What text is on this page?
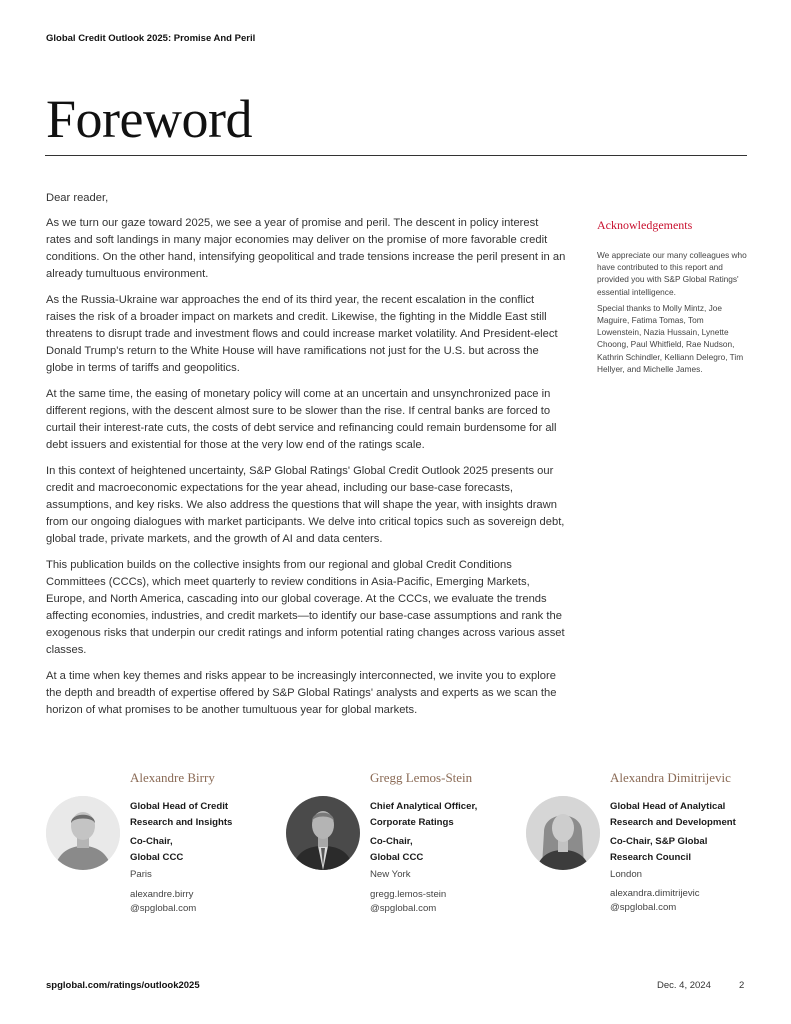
Global Credit Outlook 2025: Promise And Peril
Foreword

Dear reader,

As we turn our gaze toward 2025, we see a year of promise and peril. The descent in policy interest rates and soft landings in many major economies may deliver on the promise of more favorable credit conditions. On the other hand, intensifying geopolitical and trade tensions increase the peril present in an already tumultuous environment.

As the Russia-Ukraine war approaches the end of its third year, the recent escalation in the conflict raises the risk of a broader impact on markets and credit. Likewise, the fighting in the Middle East still threatens to disrupt trade and investment flows and could increase market volatility. And President-elect Donald Trump's return to the White House will have ramifications not just for the U.S. but across the globe in terms of tariffs and geopolitics.

At the same time, the easing of monetary policy will come at an uncertain and unsynchronized pace in different regions, with the descent almost sure to be slower than the rise. If central banks are forced to curtail their interest-rate cuts, the costs of debt service and refinancing could remain burdensome for all debt issuers and existential for those at the very low end of the ratings scale.

In this context of heightened uncertainty, S&P Global Ratings' Global Credit Outlook 2025 presents our credit and macroeconomic expectations for the year ahead, including our base-case forecasts, assumptions, and key risks. We also address the questions that will shape the year, with insights drawn from our ongoing dialogues with market participants. We delve into critical topics such as sovereign debt, global trade, private markets, and the growth of AI and data centers.

This publication builds on the collective insights from our regional and global Credit Conditions Committees (CCCs), which meet quarterly to review conditions in Asia-Pacific, Emerging Markets, Europe, and North America, cascading into our global coverage. At the CCCs, we evaluate the trends affecting economies, industries, and credit markets—to identify our base-case assumptions and rank the exogenous risks that underpin our credit ratings and inform potential rating changes across various asset classes.

At a time when key themes and risks appear to be increasingly interconnected, we invite you to explore the depth and breadth of expertise offered by S&P Global Ratings' analysts and experts as we scan the horizon of what promises to be another tumultuous year for global markets.

Acknowledgements

We appreciate our many colleagues who have contributed to this report and provided you with S&P Global Ratings' essential intelligence.

Special thanks to Molly Mintz, Joe Maguire, Fatima Tomas, Tom Lowenstein, Nazia Hussain, Lynette Choong, Paul Whitfield, Rae Nudson, Kathrin Schindler, Kelliann Delegro, Tim Hellyer, and Michelle James.

Alexandre Birry
Global Head of Credit
Research and Insights
Co-Chair,
Global CCC
Paris
alexandre.birry
@spglobal.com
Gregg Lemos-Stein
Chief Analytical Officer,
Corporate Ratings
Co-Chair,
Global CCC
New York
gregg.lemos-stein
@spglobal.com
Alexandra Dimitrijevic
Global Head of Analytical
Research and Development
Co-Chair, S&P Global
Research Council
London
alexandra.dimitrijevic
@spglobal.com
spglobal.com/ratings/outlook2025	Dec. 4, 2024	2
